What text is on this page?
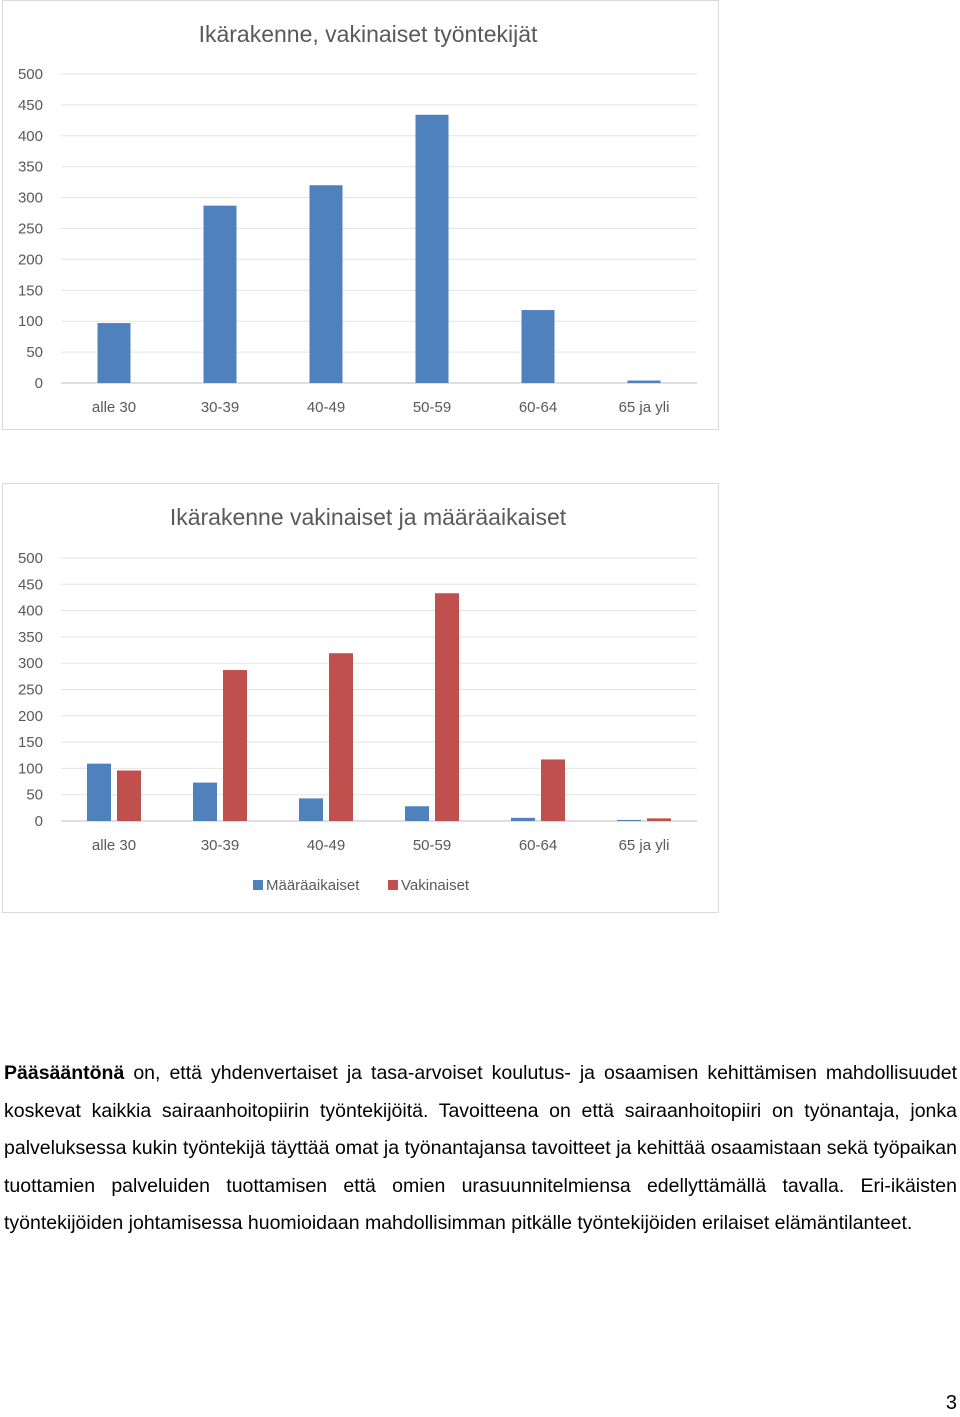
Ikärakenne, vakinaiset työntekijät
0
50
100
150
200
250
300
350
400
450
500
alle 30	30-39	40-49	50-59	60-64	65 ja yli
Ikärakenne vakinaiset ja määräaikaiset
0
50
100
150
200
250
300
350
400
450
500
alle 30	30-39	40-49	50-59	60-64	65 ja yli
Määräaikaiset	Vakinaiset
Pääsääntönä on, että yhdenvertaiset ja tasa-arvoiset koulutus- ja osaamisen kehittämisen mahdollisuudet koskevat kaikkia sairaanhoitopiirin työntekijöitä. Tavoitteena on että sairaanhoitopiiri on työnantaja, jonka palveluksessa kukin työntekijä täyttää omat ja työnantajansa tavoitteet ja kehittää osaamistaan sekä työpaikan tuottamien palveluiden tuottamisen että omien urasuunnitelmiensa edellyttämällä tavalla. Eri-ikäisten työntekijöiden johtamisessa huomioidaan mahdollisimman pitkälle työntekijöiden erilaiset elämäntilanteet.
3
